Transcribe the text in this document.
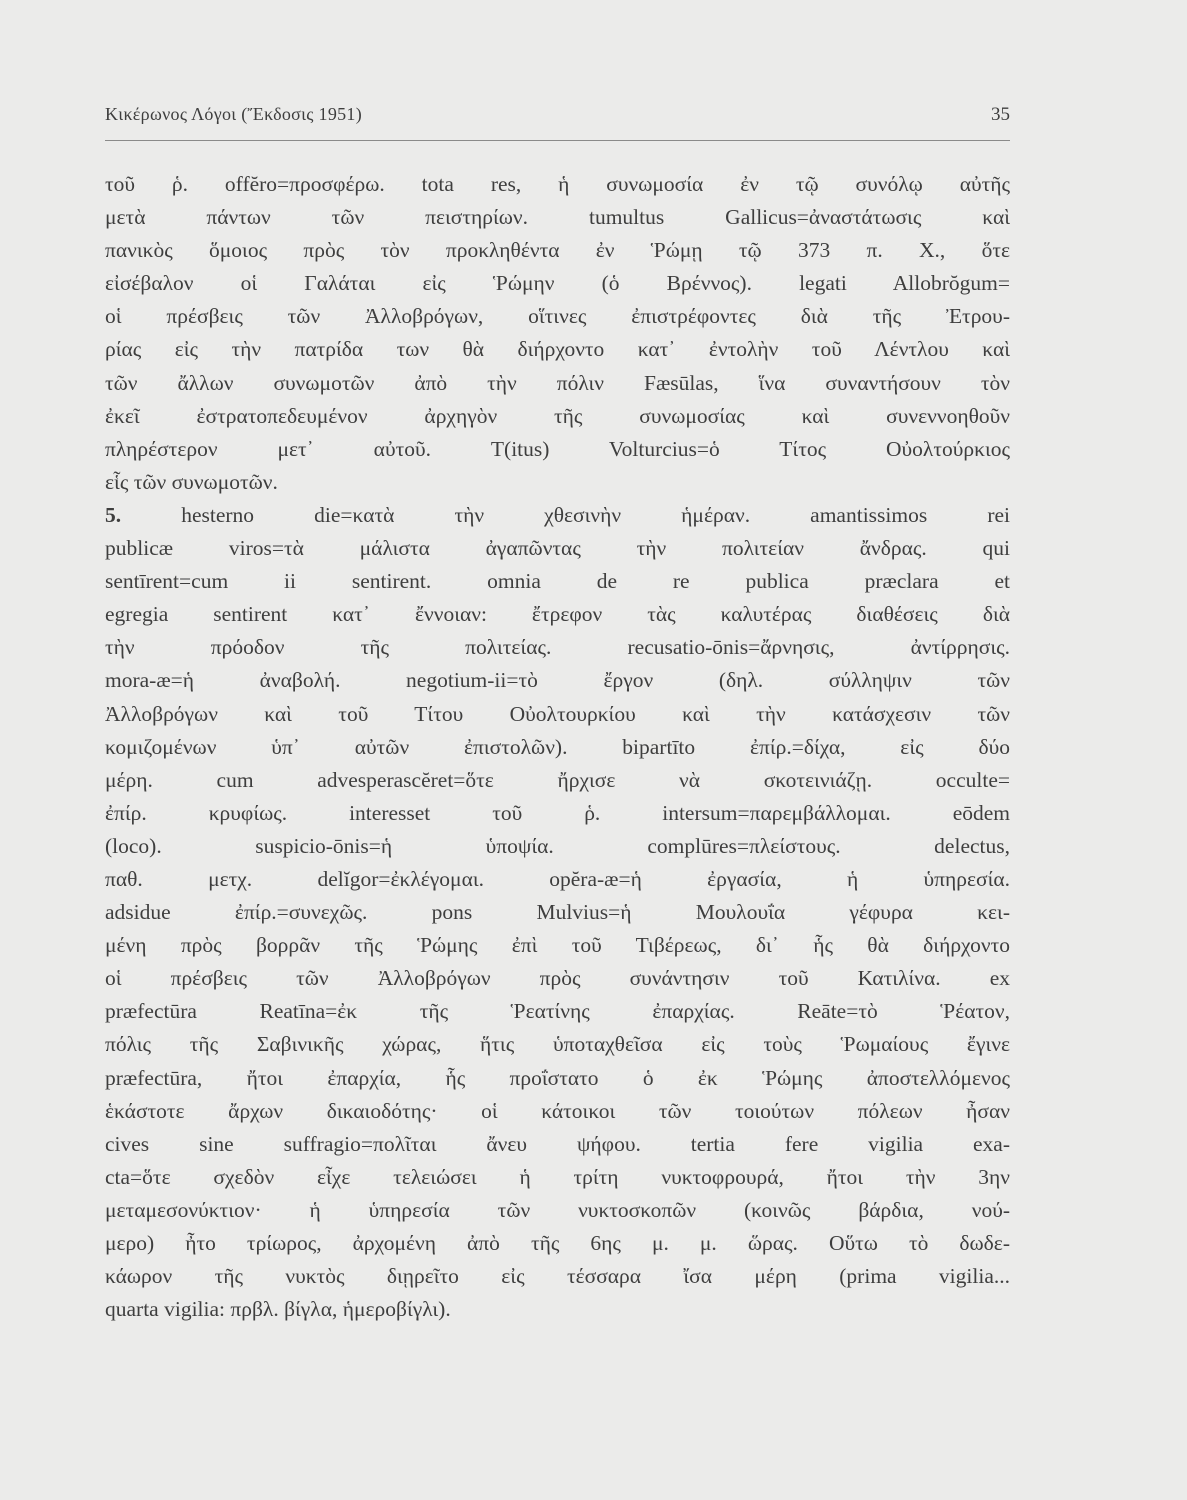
Κικέρωνος Λόγοι (Ἔκδοσις 1951)	35
τοῦ ῥ. offĕro=προσφέρω. tota res, ἡ συνωμοσία ἐν τῷ συνόλῳ αὐτῆς
μετὰ πάντων τῶν πειστηρίων. tumultus Gallicus=ἀναστάτωσις καὶ
πανικὸς ὅμοιος πρὸς τὸν προκληθέντα ἐν Ῥώμῃ τῷ 373 π. Χ., ὅτε
εἰσέβαλον οἱ Γαλάται εἰς Ῥώμην (ὁ Βρέννος). legati Allobrŏgum=
οἱ πρέσβεις τῶν Ἀλλοβρόγων, οἵτινες ἐπιστρέφοντες διὰ τῆς Ἐτρου-
ρίας εἰς τὴν πατρίδα των θὰ διήρχοντο κατ᾽ ἐντολὴν τοῦ Λέντλου καὶ
τῶν ἄλλων συνωμοτῶν ἀπὸ τὴν πόλιν Fæsūlas, ἵνα συναντήσουν τὸν
ἐκεῖ ἐστρατοπεδευμένον ἀρχηγὸν τῆς συνωμοσίας καὶ συνεννοηθοῦν
πληρέστερον μετ᾽ αὐτοῦ. T(itus) Volturcius=ὁ Τίτος Οὐολτούρκιος
εἷς τῶν συνωμοτῶν.
5. hesterno die=κατὰ τὴν χθεσινὴν ἡμέραν. amantissimos rei
publicæ viros=τὰ μάλιστα ἀγαπῶντας τὴν πολιτείαν ἄνδρας. qui
sentīrent=cum ii sentirent. omnia de re publica præclara et
egregia sentirent κατ᾽ ἔννοιαν: ἔτρεφον τὰς καλυτέρας διαθέσεις διὰ
τὴν πρόοδον τῆς πολιτείας. recusatio-ōnis=ἄρνησις, ἀντίρρησις.
mora-æ=ἡ ἀναβολή. negotium-ii=τὸ ἔργον (δηλ. σύλληψιν τῶν
Ἀλλοβρόγων καὶ τοῦ Τίτου Οὐολτουρκίου καὶ τὴν κατάσχεσιν τῶν
κομιζομένων ὑπ᾽ αὐτῶν ἐπιστολῶν). bipartīto ἐπίρ.=δίχα, εἰς δύο
μέρη. cum advesperascĕret=ὅτε ἤρχισε νὰ σκοτεινιάζῃ. occulte=
ἐπίρ. κρυφίως. interesset τοῦ ῥ. intersum=παρεμβάλλομαι. eōdem
(loco). suspicio-ōnis=ἡ ὑποψία. complūres=πλείστους. delectus,
παθ. μετχ. delĭgor=ἐκλέγομαι. opĕra-æ=ἡ ἐργασία, ἡ ὑπηρεσία.
adsidue ἐπίρ.=συνεχῶς. pons Mulvius=ἡ Μουλουΐα γέφυρα κει-
μένη πρὸς βορρᾶν τῆς Ῥώμης ἐπὶ τοῦ Τιβέρεως, δι᾽ ἧς θὰ διήρχοντο
οἱ πρέσβεις τῶν Ἀλλοβρόγων πρὸς συνάντησιν τοῦ Κατιλίνα. ex
præfectūra Reatīna=ἐκ τῆς Ῥεατίνης ἐπαρχίας. Reāte=τὸ Ῥέατον,
πόλις τῆς Σαβινικῆς χώρας, ἥτις ὑποταχθεῖσα εἰς τοὺς Ῥωμαίους ἔγινε
præfectūra, ἤτοι ἐπαρχία, ἧς προΐστατο ὁ ἐκ Ῥώμης ἀποστελλόμενος
ἑκάστοτε ἄρχων δικαιοδότης· οἱ κάτοικοι τῶν τοιούτων πόλεων ἦσαν
cives sine suffragio=πολῖται ἄνευ ψήφου. tertia fere vigilia exa-
cta=ὅτε σχεδὸν εἶχε τελειώσει ἡ τρίτη νυκτοφρουρά, ἤτοι τὴν 3ην
μεταμεσονύκτιον· ἡ ὑπηρεσία τῶν νυκτοσκοπῶν (κοινῶς βάρδια, νού-
μερο) ἦτο τρίωρος, ἀρχομένη ἀπὸ τῆς 6ης μ. μ. ὥρας. Οὕτω τὸ δωδε-
κάωρον τῆς νυκτὸς διῃρεῖτο εἰς τέσσαρα ἴσα μέρη (prima vigilia...
quarta vigilia: πρβλ. βίγλα, ἡμεροβίγλι).
